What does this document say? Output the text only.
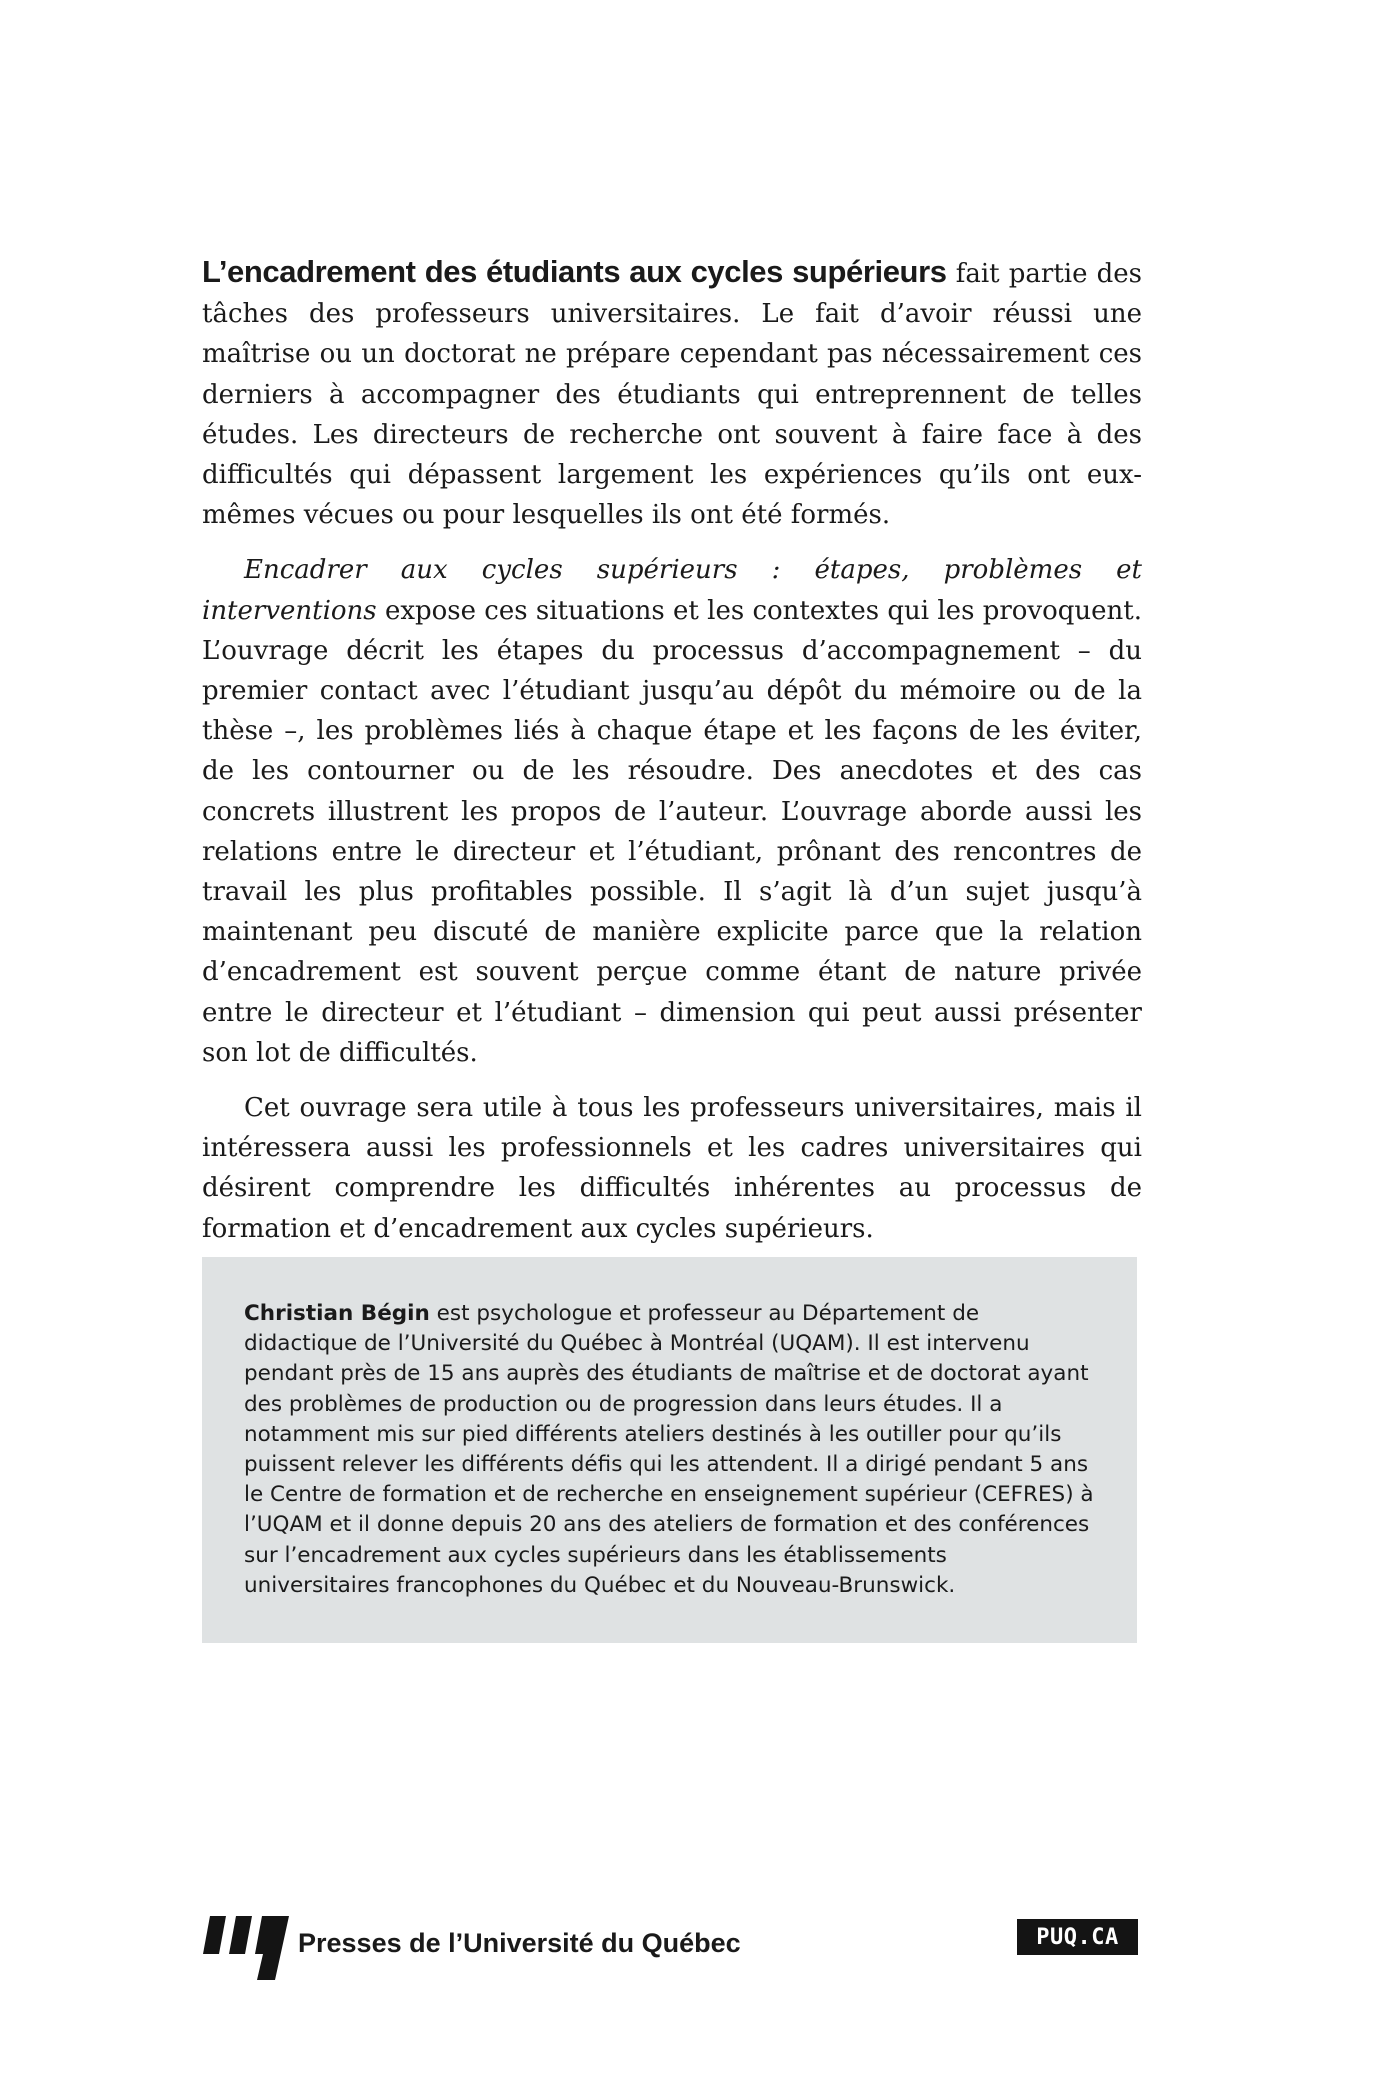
L’encadrement des étudiants aux cycles supérieurs fait partie des tâches des professeurs universitaires. Le fait d’avoir réussi une maîtrise ou un doctorat ne prépare cependant pas nécessairement ces derniers à accompagner des étudiants qui entreprennent de telles études. Les directeurs de recherche ont souvent à faire face à des difficultés qui dépassent largement les expériences qu’ils ont eux-mêmes vécues ou pour lesquelles ils ont été formés.

Encadrer aux cycles supérieurs : étapes, problèmes et interventions expose ces situations et les contextes qui les provoquent. L’ouvrage décrit les étapes du processus d’accompagnement – du premier contact avec l’étudiant jusqu’au dépôt du mémoire ou de la thèse –, les problèmes liés à chaque étape et les façons de les éviter, de les contourner ou de les résoudre. Des anecdotes et des cas concrets illustrent les propos de l’auteur. L’ouvrage aborde aussi les relations entre le directeur et l’étudiant, prônant des rencontres de travail les plus profitables possible. Il s’agit là d’un sujet jusqu’à maintenant peu discuté de manière explicite parce que la relation d’encadrement est souvent perçue comme étant de nature privée entre le directeur et l’étudiant – dimension qui peut aussi présenter son lot de difficultés.

Cet ouvrage sera utile à tous les professeurs universitaires, mais il intéressera aussi les professionnels et les cadres universitaires qui désirent comprendre les difficultés inhérentes au processus de formation et d’encadrement aux cycles supérieurs.

Christian Bégin est psychologue et professeur au Département de didactique de l’Université du Québec à Montréal (UQAM). Il est intervenu pendant près de 15 ans auprès des étudiants de maîtrise et de doctorat ayant des problèmes de production ou de progression dans leurs études. Il a notamment mis sur pied différents ateliers destinés à les outiller pour qu’ils puissent relever les différents défis qui les attendent. Il a dirigé pendant 5 ans le Centre de formation et de recherche en enseignement supérieur (CEFRES) à l’UQAM et il donne depuis 20 ans des ateliers de formation et des conférences sur l’encadrement aux cycles supérieurs dans les établissements universitaires francophones du Québec et du Nouveau-Brunswick.

Presses de l’Université du Québec	PUQ.CA
